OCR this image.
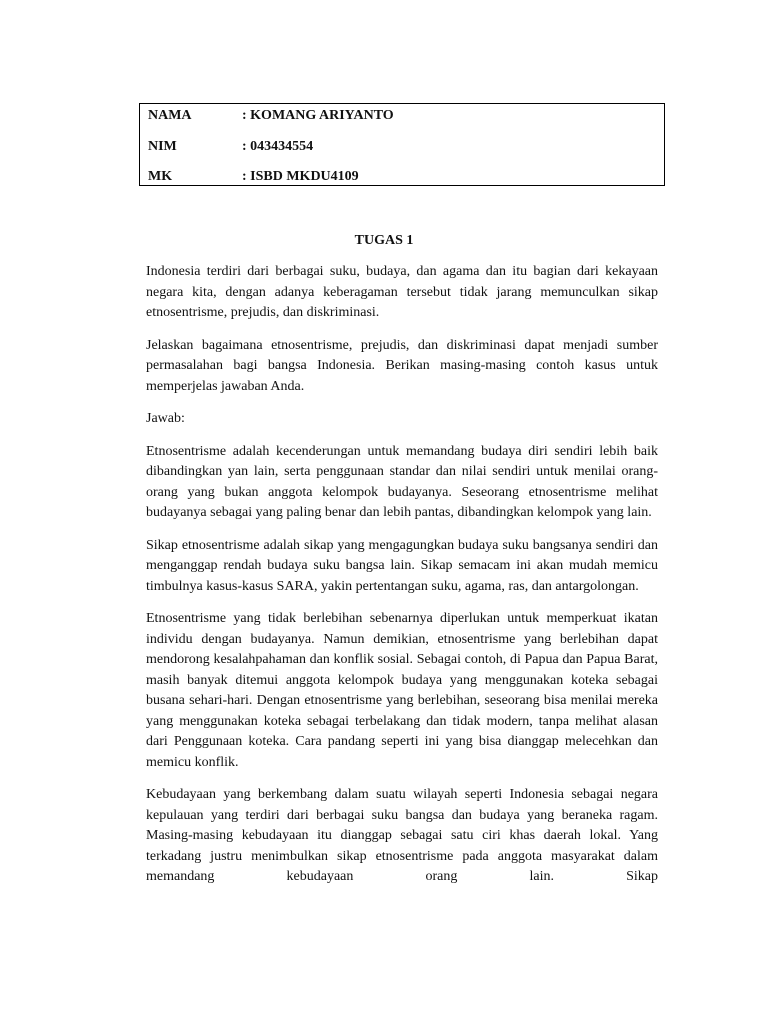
NAMA	: KOMANG ARIYANTO
NIM	: 043434554
MK	: ISBD MKDU4109
TUGAS 1

Indonesia terdiri dari berbagai suku, budaya, dan agama dan itu bagian dari kekayaan negara kita, dengan adanya keberagaman tersebut tidak jarang memunculkan sikap etnosentrisme, prejudis, dan diskriminasi.

Jelaskan bagaimana etnosentrisme, prejudis, dan diskriminasi dapat menjadi sumber permasalahan bagi bangsa Indonesia. Berikan masing-masing contoh kasus untuk memperjelas jawaban Anda.

Jawab:

Etnosentrisme adalah kecenderungan untuk memandang budaya diri sendiri lebih baik dibandingkan yan lain, serta penggunaan standar dan nilai sendiri untuk menilai orang-orang yang bukan anggota kelompok budayanya. Seseorang etnosentrisme melihat budayanya sebagai yang paling benar dan lebih pantas, dibandingkan kelompok yang lain.

Sikap etnosentrisme adalah sikap yang mengagungkan budaya suku bangsanya sendiri dan menganggap rendah budaya suku bangsa lain. Sikap semacam ini akan mudah memicu timbulnya kasus-kasus SARA, yakin pertentangan suku, agama, ras, dan antargolongan.

Etnosentrisme yang tidak berlebihan sebenarnya diperlukan untuk memperkuat ikatan individu dengan budayanya. Namun demikian, etnosentrisme yang berlebihan dapat mendorong kesalahpahaman dan konflik sosial. Sebagai contoh, di Papua dan Papua Barat, masih banyak ditemui anggota kelompok budaya yang menggunakan koteka sebagai busana sehari-hari. Dengan etnosentrisme yang berlebihan, seseorang bisa menilai mereka yang menggunakan koteka sebagai terbelakang dan tidak modern, tanpa melihat alasan dari Penggunaan koteka. Cara pandang seperti ini yang bisa dianggap melecehkan dan memicu konflik.

Kebudayaan yang berkembang dalam suatu wilayah seperti Indonesia sebagai negara kepulauan yang terdiri dari berbagai suku bangsa dan budaya yang beraneka ragam. Masing-masing kebudayaan itu dianggap sebagai satu ciri khas daerah lokal. Yang terkadang justru menimbulkan sikap etnosentrisme pada anggota masyarakat dalam memandang kebudayaan orang lain. Sikap
